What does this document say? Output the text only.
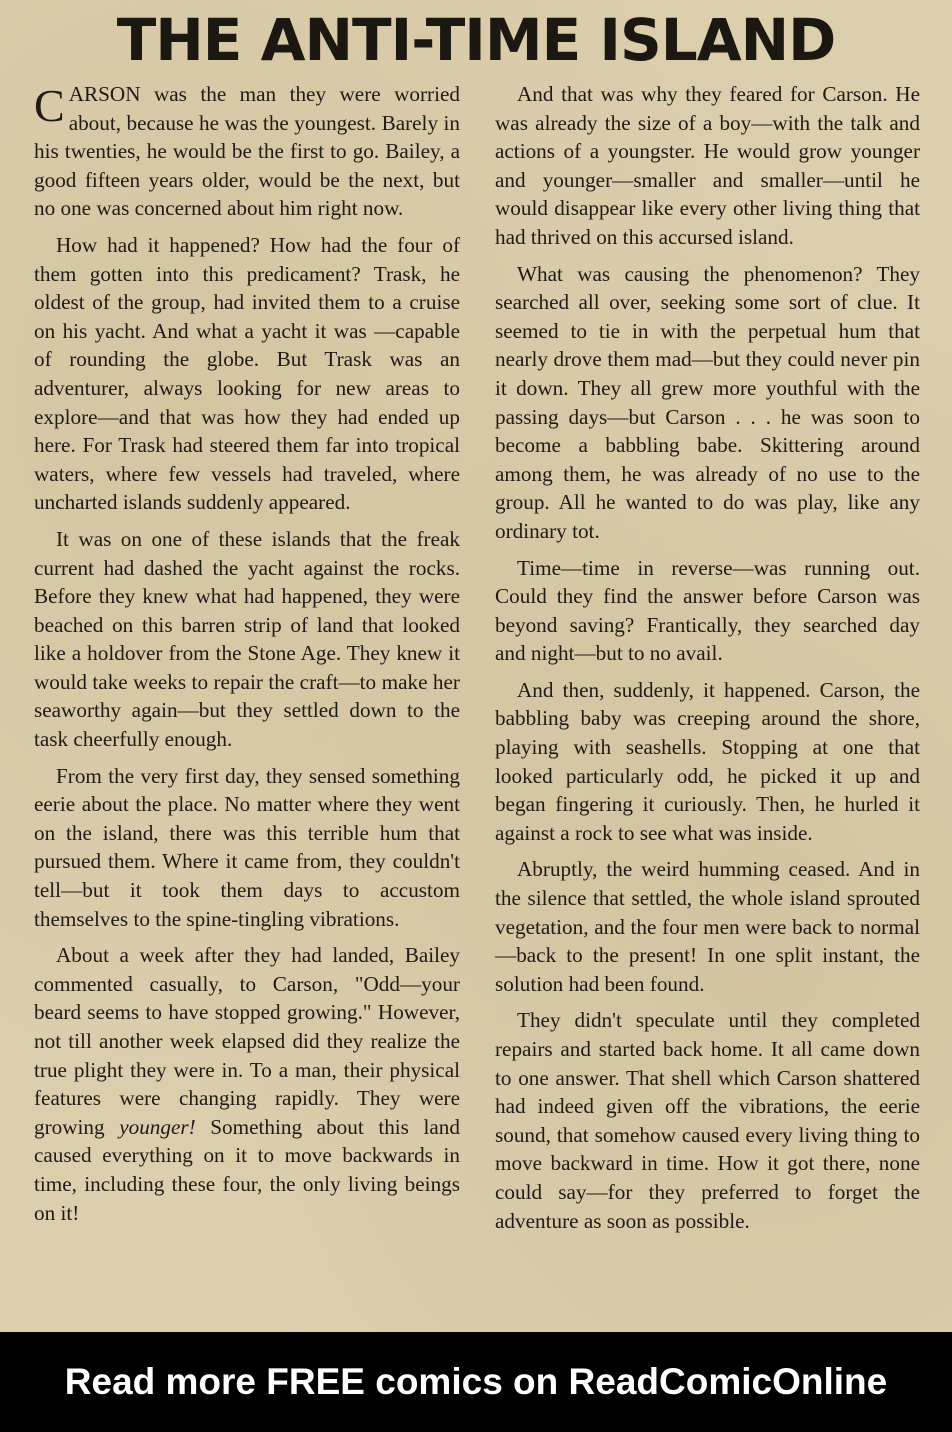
THE ANTI-TIME ISLAND

CARSON was the man they were worried about, because he was the youngest. Barely in his twenties, he would be the first to go. Bailey, a good fifteen years older, would be the next, but no one was concerned about him right now.

How had it happened? How had the four of them gotten into this predicament? Trask, he oldest of the group, had invited them to a cruise on his yacht. And what a yacht it was —capable of rounding the globe. But Trask was an adventurer, always looking for new areas to explore—and that was how they had ended up here. For Trask had steered them far into tropical waters, where few vessels had traveled, where uncharted islands suddenly appeared.

It was on one of these islands that the freak current had dashed the yacht against the rocks. Before they knew what had happened, they were beached on this barren strip of land that looked like a holdover from the Stone Age. They knew it would take weeks to repair the craft—to make her seaworthy again—but they settled down to the task cheerfully enough.

From the very first day, they sensed something eerie about the place. No matter where they went on the island, there was this terrible hum that pursued them. Where it came from, they couldn't tell—but it took them days to accustom themselves to the spine-tingling vibrations.

About a week after they had landed, Bailey commented casually, to Carson, "Odd—your beard seems to have stopped growing." However, not till another week elapsed did they realize the true plight they were in. To a man, their physical features were changing rapidly. They were growing younger! Something about this land caused everything on it to move backwards in time, including these four, the only living beings on it!

And that was why they feared for Carson. He was already the size of a boy—with the talk and actions of a youngster. He would grow younger and younger—smaller and smaller—until he would disappear like every other living thing that had thrived on this accursed island.

What was causing the phenomenon? They searched all over, seeking some sort of clue. It seemed to tie in with the perpetual hum that nearly drove them mad—but they could never pin it down. They all grew more youthful with the passing days—but Carson . . . he was soon to become a babbling babe. Skittering around among them, he was already of no use to the group. All he wanted to do was play, like any ordinary tot.

Time—time in reverse—was running out. Could they find the answer before Carson was beyond saving? Frantically, they searched day and night—but to no avail.

And then, suddenly, it happened. Carson, the babbling baby was creeping around the shore, playing with seashells. Stopping at one that looked particularly odd, he picked it up and began fingering it curiously. Then, he hurled it against a rock to see what was inside.

Abruptly, the weird humming ceased. And in the silence that settled, the whole island sprouted vegetation, and the four men were back to normal—back to the present! In one split instant, the solution had been found.

They didn't speculate until they completed repairs and started back home. It all came down to one answer. That shell which Carson shattered had indeed given off the vibrations, the eerie sound, that somehow caused every living thing to move backward in time. How it got there, none could say—for they preferred to forget the adventure as soon as possible.

Read more FREE comics on ReadComicOnline
